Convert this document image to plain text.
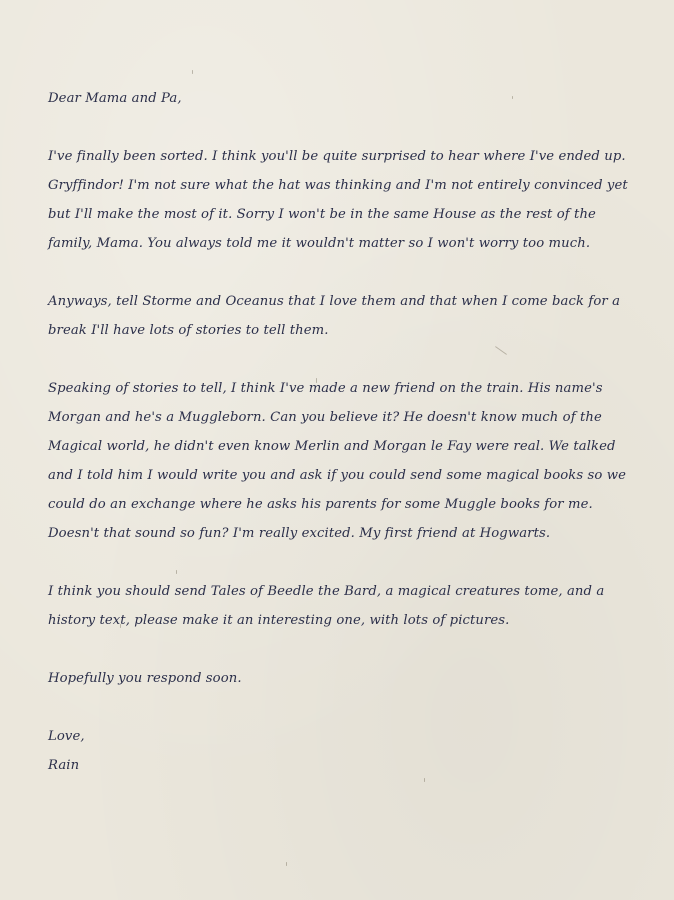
Dear Mama and Pa,

I've finally been sorted. I think you'll be quite surprised to hear where I've ended up. Gryffindor! I'm not sure what the hat was thinking and I'm not entirely convinced yet but I'll make the most of it. Sorry I won't be in the same House as the rest of the family, Mama. You always told me it wouldn't matter so I won't worry too much.

Anyways, tell Storme and Oceanus that I love them and that when I come back for a break I'll have lots of stories to tell them.

Speaking of stories to tell, I think I've made a new friend on the train. His name's Morgan and he's a Muggleborn. Can you believe it? He doesn't know much of the Magical world, he didn't even know Merlin and Morgan le Fay were real. We talked and I told him I would write you and ask if you could send some magical books so we could do an exchange where he asks his parents for some Muggle books for me. Doesn't that sound so fun? I'm really excited. My first friend at Hogwarts.

I think you should send Tales of Beedle the Bard, a magical creatures tome, and a history text, please make it an interesting one, with lots of pictures.

Hopefully you respond soon.

Love,

Rain
